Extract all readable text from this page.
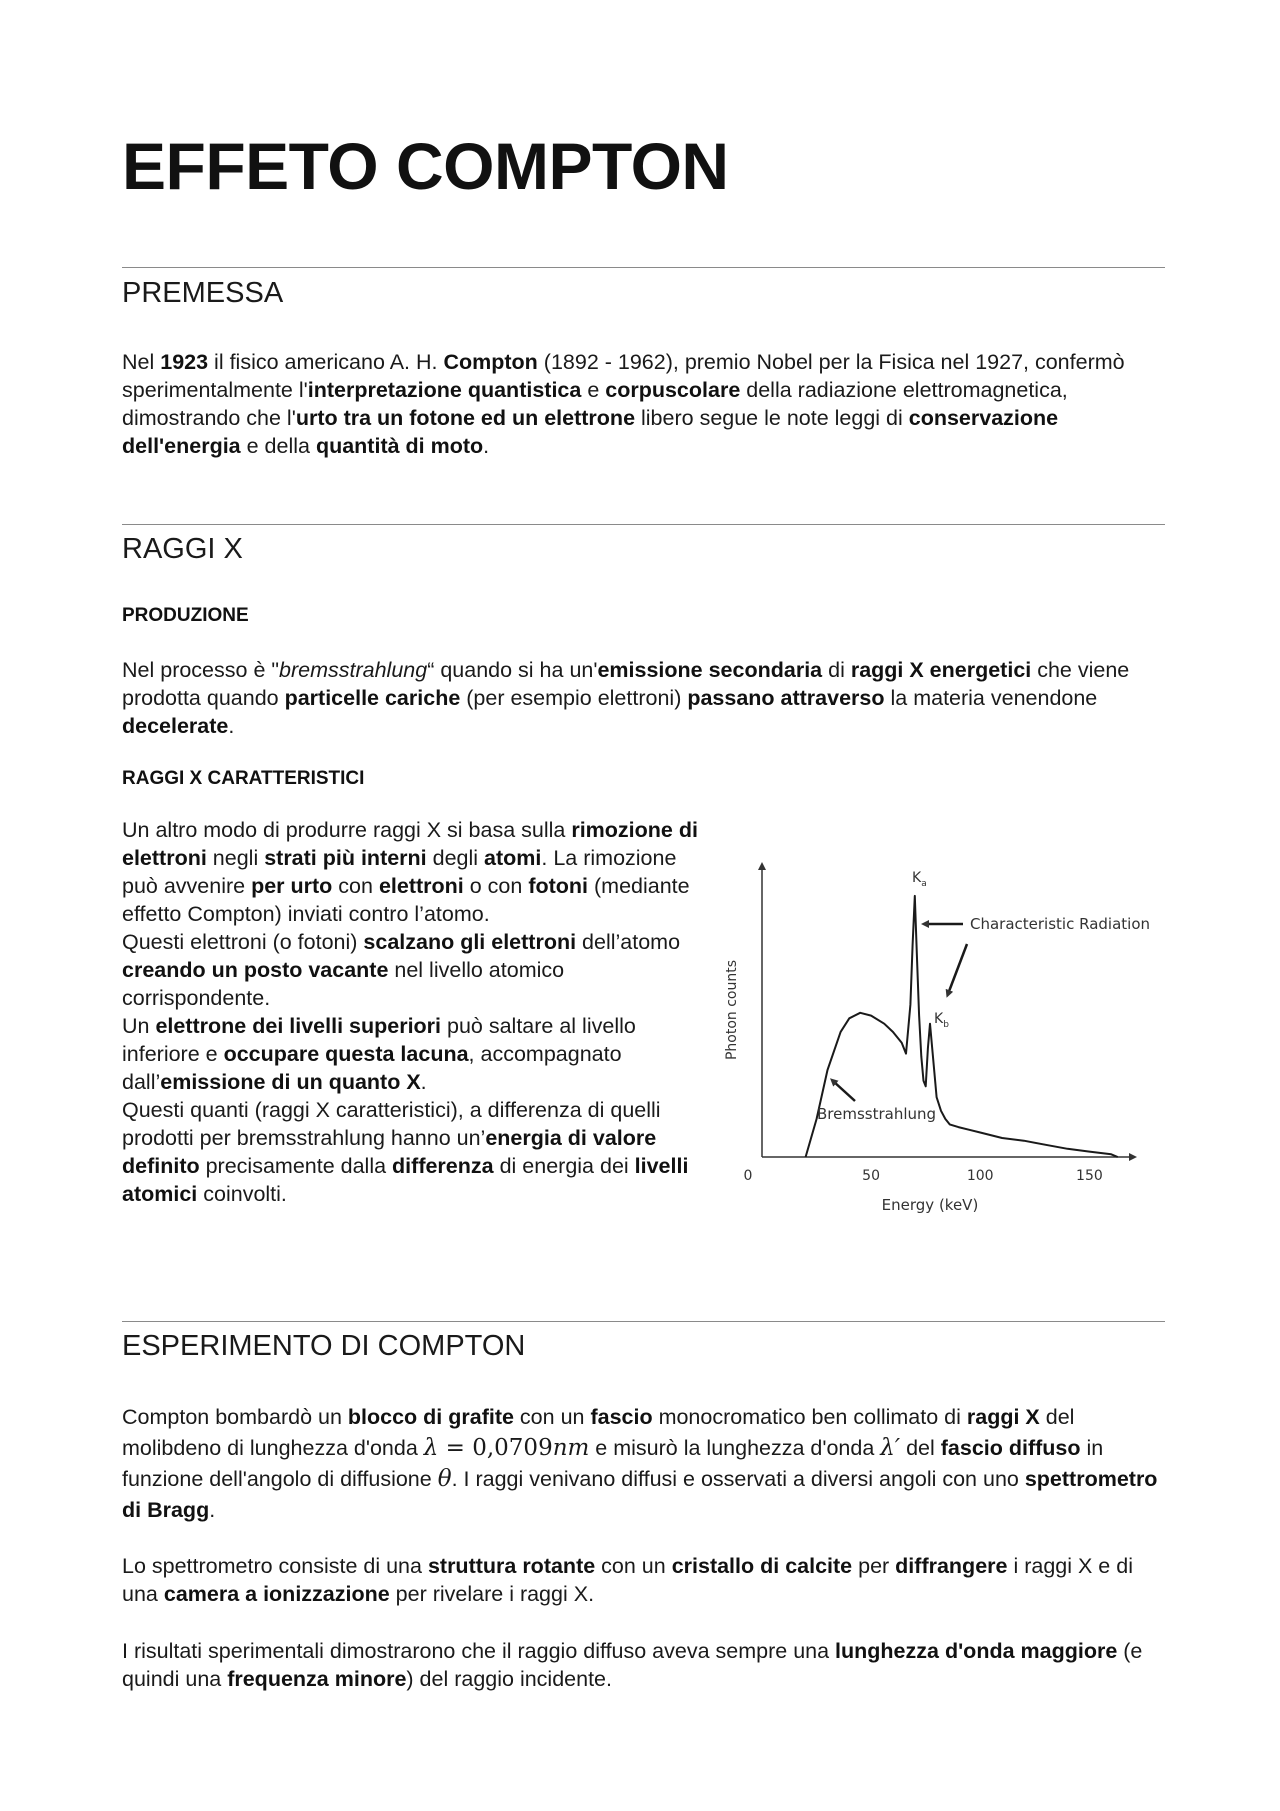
EFFETO COMPTON
PREMESSA

Nel 1923 il fisico americano A. H. Compton (1892 - 1962), premio Nobel per la Fisica nel 1927, confermò sperimentalmente l'interpretazione quantistica e corpuscolare della radiazione elettromagnetica, dimostrando che l'urto tra un fotone ed un elettrone libero segue le note leggi di conservazione dell'energia e della quantità di moto.

RAGGI X
PRODUZIONE

Nel processo è "bremsstrahlung“ quando si ha un'emissione secondaria di raggi X energetici che viene prodotta quando particelle cariche (per esempio elettroni) passano attraverso la materia venendone decelerate.

RAGGI X CARATTERISTICI

Un altro modo di produrre raggi X si basa sulla rimozione di elettroni negli strati più interni degli atomi. La rimozione può avvenire per urto con elettroni o con fotoni (mediante effetto Compton) inviati contro l’atomo.
Questi elettroni (o fotoni) scalzano gli elettroni dell’atomo creando un posto vacante nel livello atomico corrispondente.
Un elettrone dei livelli superiori può saltare al livello inferiore e occupare questa lacuna, accompagnato dall’emissione di un quanto X.
Questi quanti (raggi X caratteristici), a differenza di quelli prodotti per bremsstrahlung hanno un’energia di valore definito precisamente dalla differenza di energia dei livelli atomici coinvolti.

ESPERIMENTO DI COMPTON

Compton bombardò un blocco di grafite con un fascio monocromatico ben collimato di raggi X del molibdeno di lunghezza d'onda λ = 0,0709nm e misurò la lunghezza d'onda λ′ del fascio diffuso in funzione dell'angolo di diffusione θ. I raggi venivano diffusi e osservati a diversi angoli con uno spettrometro di Bragg.

Lo spettrometro consiste di una struttura rotante con un cristallo di calcite per diffrangere i raggi X e di una camera a ionizzazione per rivelare i raggi X.

I risultati sperimentali dimostrarono che il raggio diffuso aveva sempre una lunghezza d'onda maggiore (e quindi una frequenza minore) del raggio incidente.

0	50	100	150
Photon counts
Energy (keV)
$K_a$
$K_b$
Characteristic Radiation
Bremsstrahlung
